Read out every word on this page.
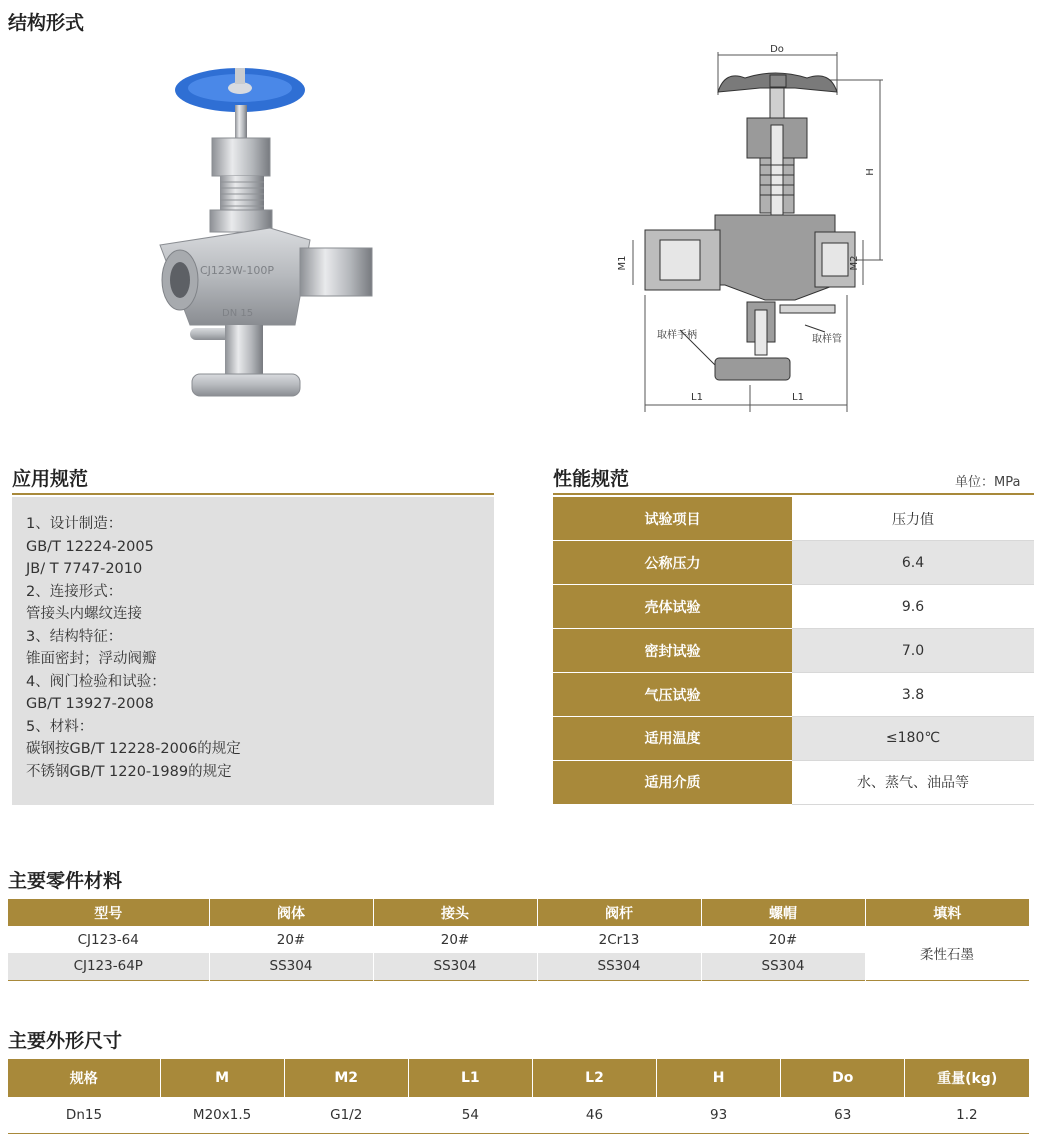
结构形式
CJ123W-100P
DN 15
Do
H
M1	M2
L1	L1
取样手柄	取样管
应用规范
1、设计制造：
GB/T 12224-2005
JB/ T 7747-2010
2、连接形式：
管接头内螺纹连接
3、结构特征：
锥面密封；浮动阀瓣
4、阀门检验和试验：
GB/T 13927-2008
5、材料：
碳钢按GB/T 12228-2006的规定
不锈钢GB/T 1220-1989的规定
性能规范	单位：MPa
试验项目	压力值
公称压力	6.4
壳体试验	9.6
密封试验	7.0
气压试验	3.8
适用温度	≤180℃
适用介质	水、蒸气、油品等
主要零件材料
型号	阀体	接头	阀杆	螺帽	填料
CJ123-64	20#	20#	2Cr13	20#	柔性石墨
CJ123-64P	SS304	SS304	SS304	SS304	
主要外形尺寸
规格	M	M2	L1	L2	H	Do	重量(kg)
Dn15	M20x1.5	G1/2	54	46	93	63	1.2
